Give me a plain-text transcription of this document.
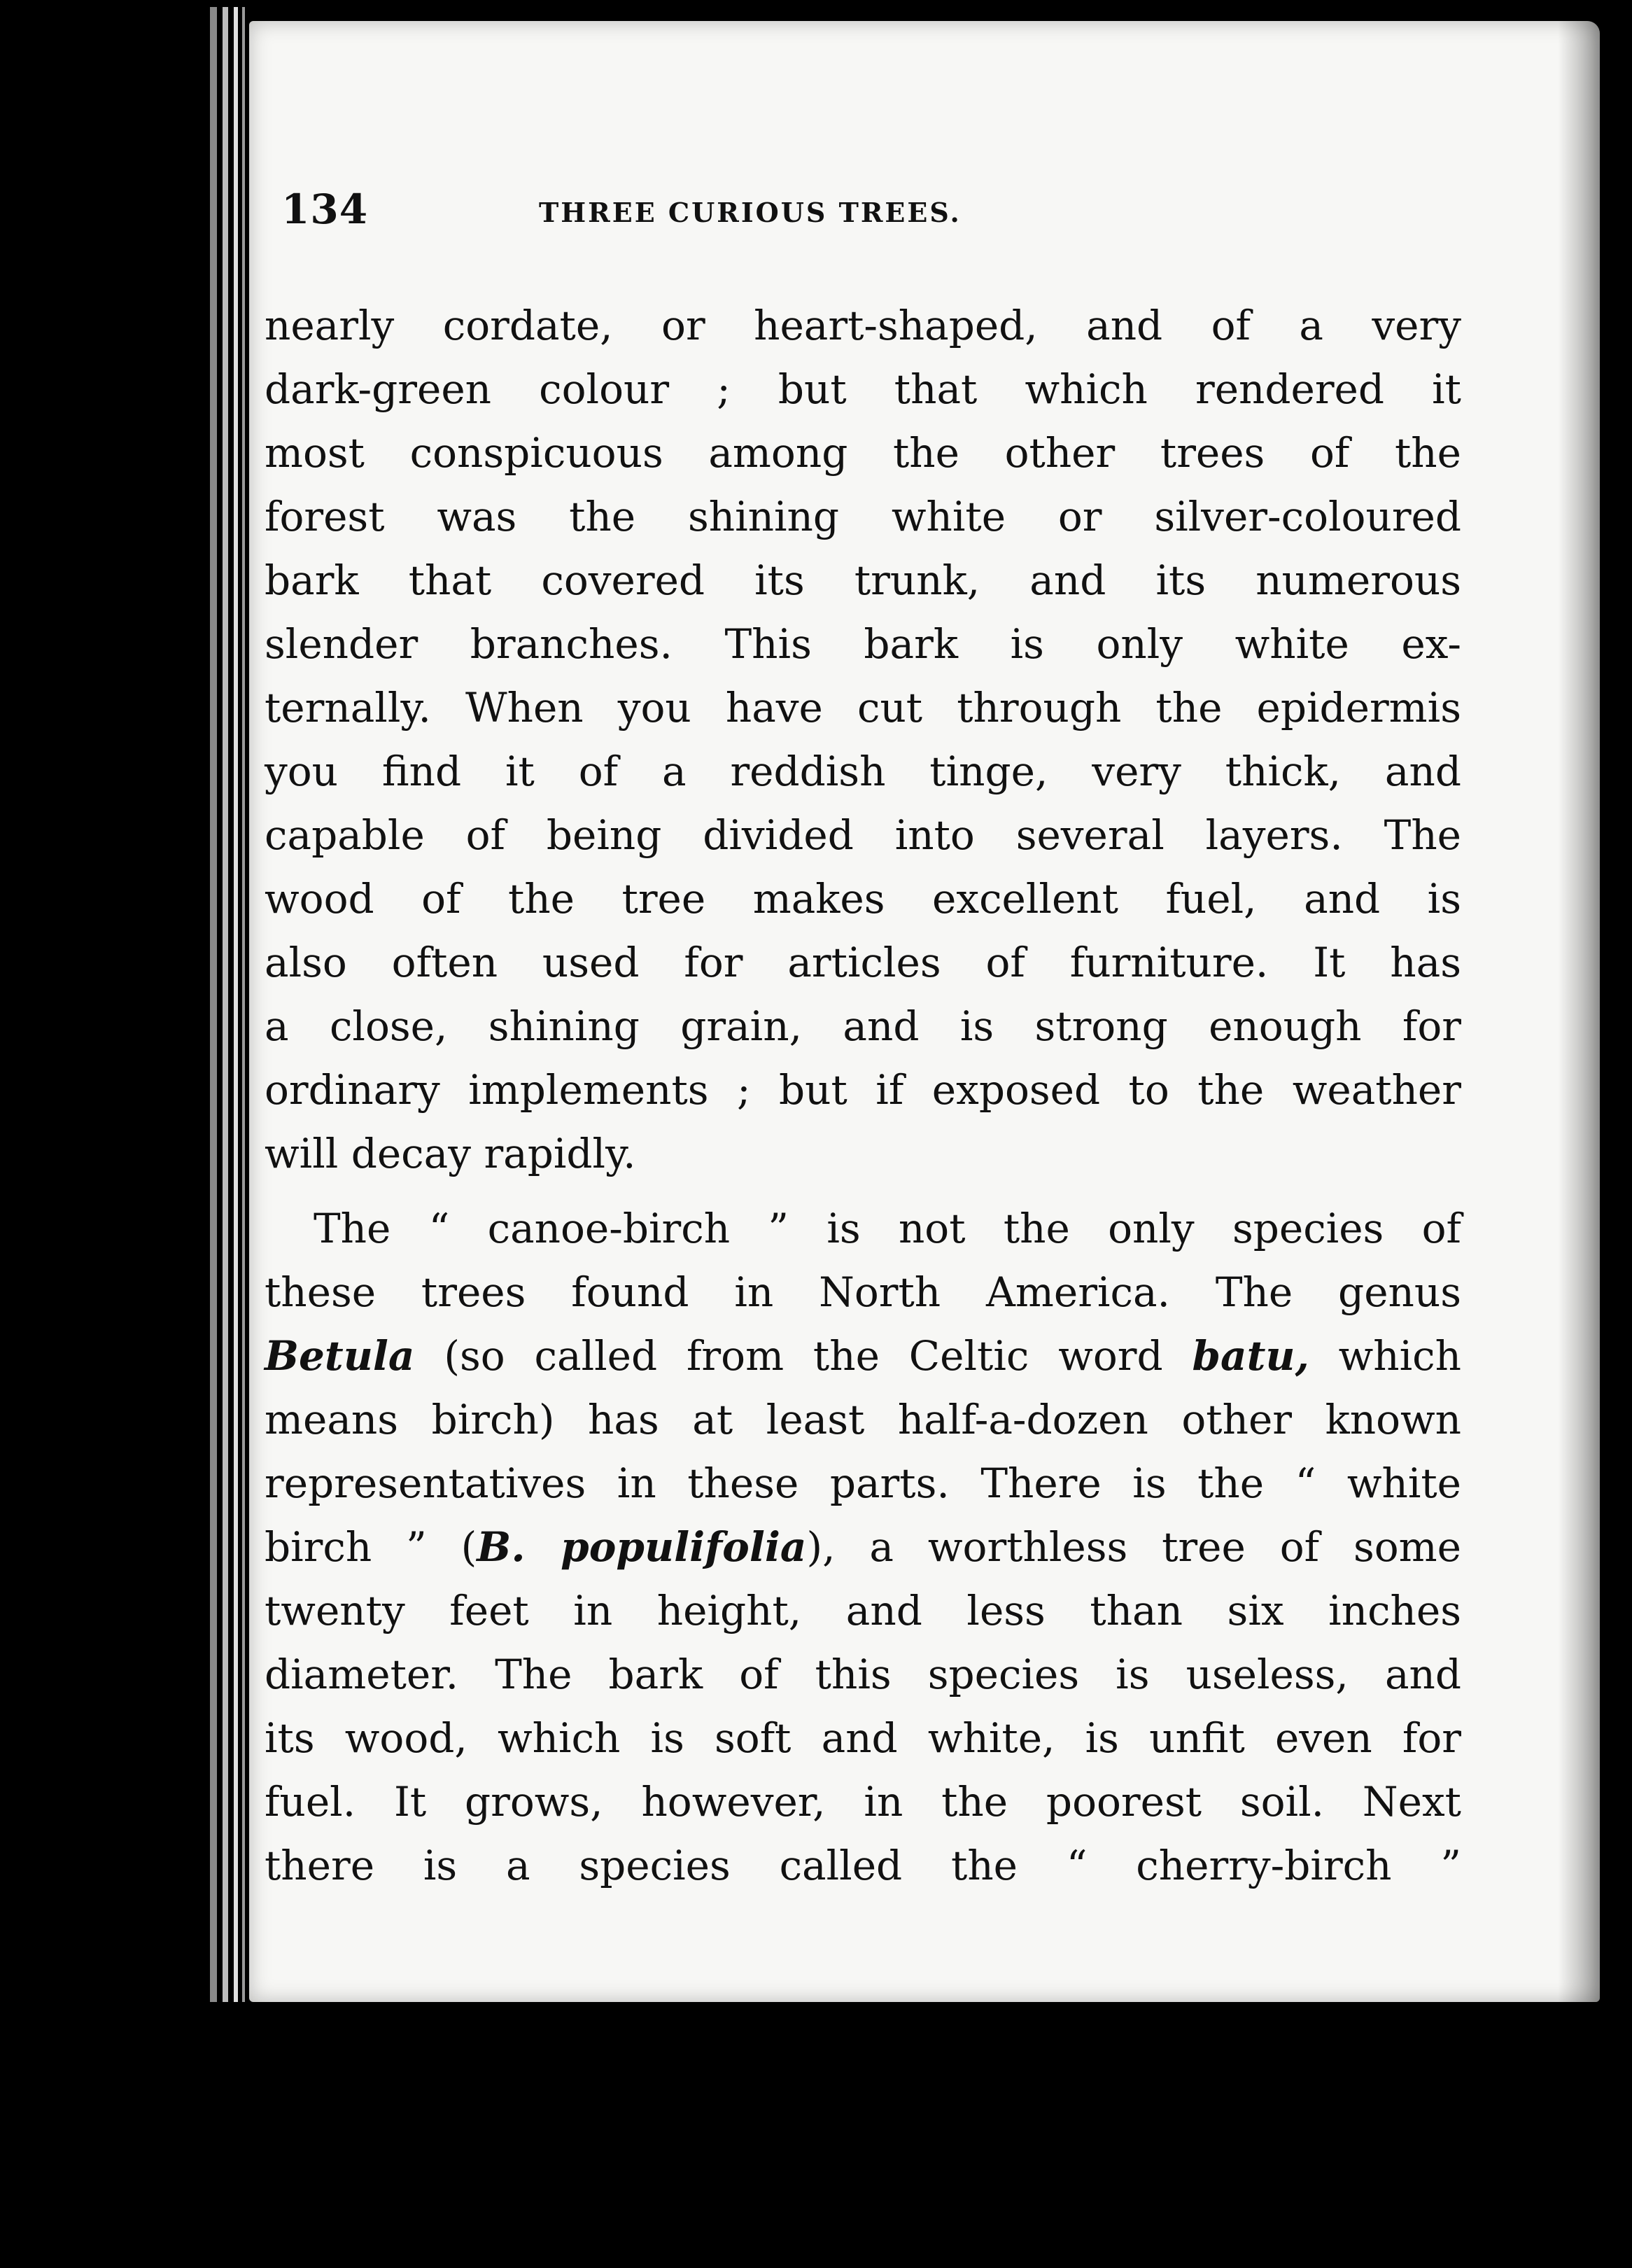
134	THREE CURIOUS TREES.
nearly cordate, or heart-shaped, and of a very
dark-green colour ; but that which rendered it
most conspicuous among the other trees of the
forest was the shining white or silver-coloured
bark that covered its trunk, and its numerous
slender branches. This bark is only white ex-
ternally. When you have cut through the epidermis
you find it of a reddish tinge, very thick, and
capable of being divided into several layers. The
wood of the tree makes excellent fuel, and is
also often used for articles of furniture. It has
a close, shining grain, and is strong enough for
ordinary implements ; but if exposed to the weather
will decay rapidly.
The “ canoe-birch ” is not the only species of
these trees found in North America. The genus
Betula (so called from the Celtic word batu, which
means birch) has at least half-a-dozen other known
representatives in these parts. There is the “ white
birch ” (B. populifolia), a worthless tree of some
twenty feet in height, and less than six inches
diameter. The bark of this species is useless, and
its wood, which is soft and white, is unfit even for
fuel. It grows, however, in the poorest soil. Next
there is a species called the “ cherry-birch ”
